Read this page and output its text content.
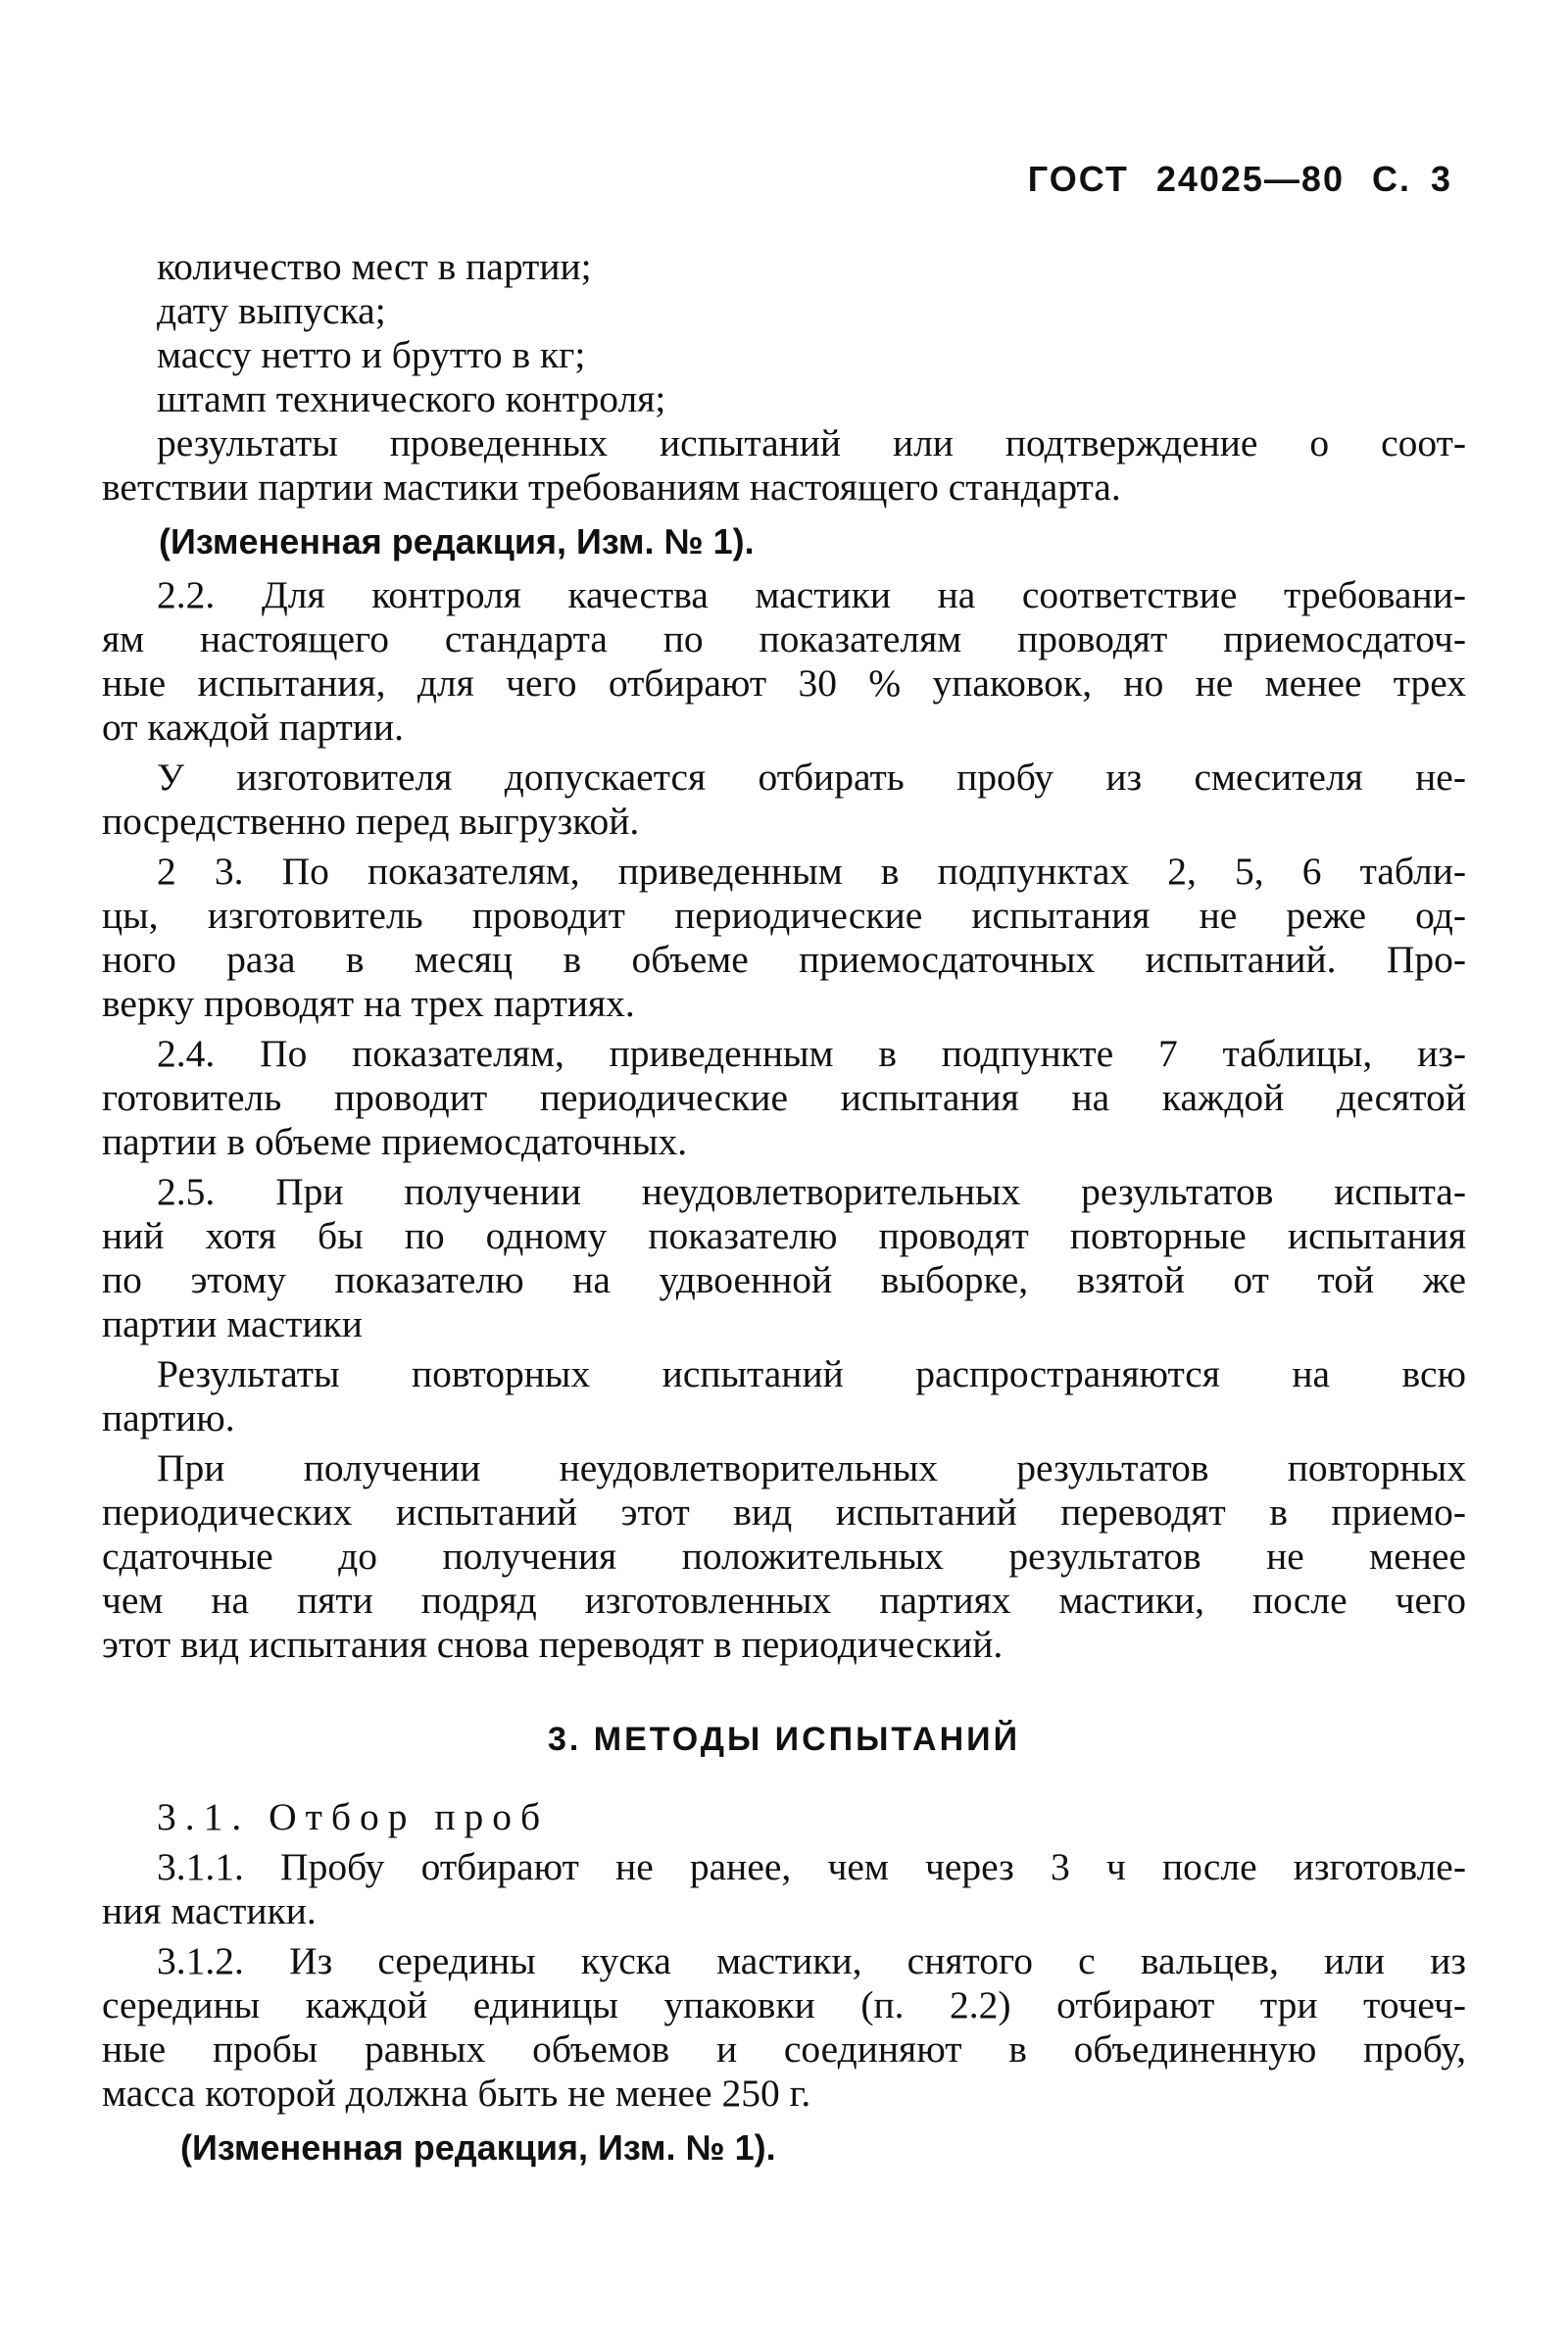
ГОСТ 24025—80 С. 3
количество мест в партии;
дату выпуска;
массу нетто и брутто в кг;
штамп технического контроля;
результаты проведенных испытаний или подтверждение о соот-
ветствии партии мастики требованиям настоящего стандарта.
(Измененная редакция, Изм. № 1).
2.2. Для контроля качества мастики на соответствие требовани-
ям настоящего стандарта по показателям проводят приемосдаточ-
ные испытания, для чего отбирают 30 % упаковок, но не менее трех
от каждой партии.
У изготовителя допускается отбирать пробу из смесителя не-
посредственно перед выгрузкой.
2 3. По показателям, приведенным в подпунктах 2, 5, 6 табли-
цы, изготовитель проводит периодические испытания не реже од-
ного раза в месяц в объеме приемосдаточных испытаний. Про-
верку проводят на трех партиях.
2.4. По показателям, приведенным в подпункте 7 таблицы, из-
готовитель проводит периодические испытания на каждой десятой
партии в объеме приемосдаточных.
2.5. При получении неудовлетворительных результатов испыта-
ний хотя бы по одному показателю проводят повторные испытания
по этому показателю на удвоенной выборке, взятой от той же
партии мастики
Результаты повторных испытаний распространяются на всю
партию.
При получении неудовлетворительных результатов повторных
периодических испытаний этот вид испытаний переводят в приемо-
сдаточные до получения положительных результатов не менее
чем на пяти подряд изготовленных партиях мастики, после чего
этот вид испытания снова переводят в периодический.
3. МЕТОДЫ ИСПЫТАНИЙ
3.1. Отбор проб
3.1.1. Пробу отбирают не ранее, чем через 3 ч после изготовле-
ния мастики.
3.1.2. Из середины куска мастики, снятого с вальцев, или из
середины каждой единицы упаковки (п. 2.2) отбирают три точеч-
ные пробы равных объемов и соединяют в объединенную пробу,
масса которой должна быть не менее 250 г.
(Измененная редакция, Изм. № 1).
